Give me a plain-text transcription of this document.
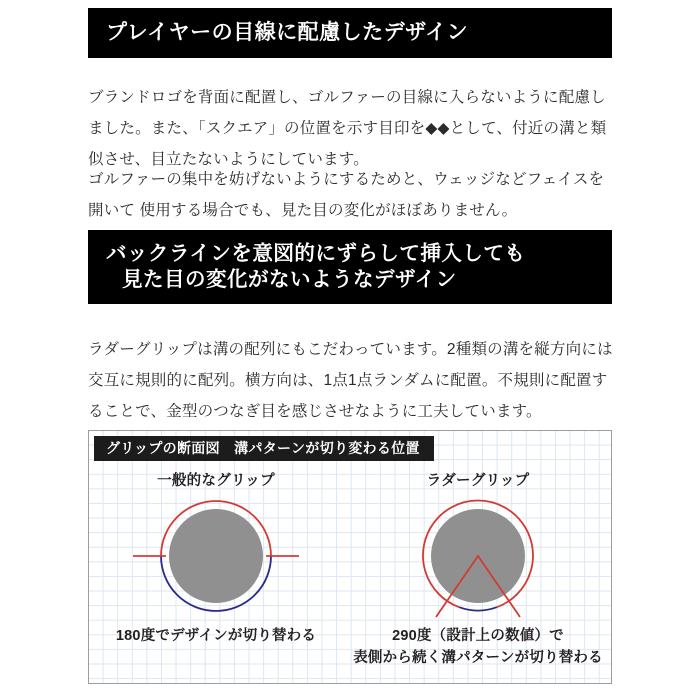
プレイヤーの目線に配慮したデザイン

ブランドロゴを背面に配置し、ゴルファーの目線に入らないように配慮しました。また、「スクエア」の位置を示す目印を◆◆として、付近の溝と類似させ、目立たないようにしています。

ゴルファーの集中を妨げないようにするためと、ウェッジなどフェイスを開いて 使用する場合でも、見た目の変化がほぼありません。

バックラインを意図的にずらして挿入しても
見た目の変化がないようなデザイン

ラダーグリップは溝の配列にもこだわっています。2種類の溝を縦方向には交互に規則的に配列。横方向は、1点1点ランダムに配置。不規則に配置することで、金型のつなぎ目を感じさせなように工夫しています。

グリップの断面図　溝パターンが切り変わる位置
一般的なグリップ
180度でデザインが切り替わる
ラダーグリップ
290度（設計上の数値）で
表側から続く溝パターンが切り替わる
